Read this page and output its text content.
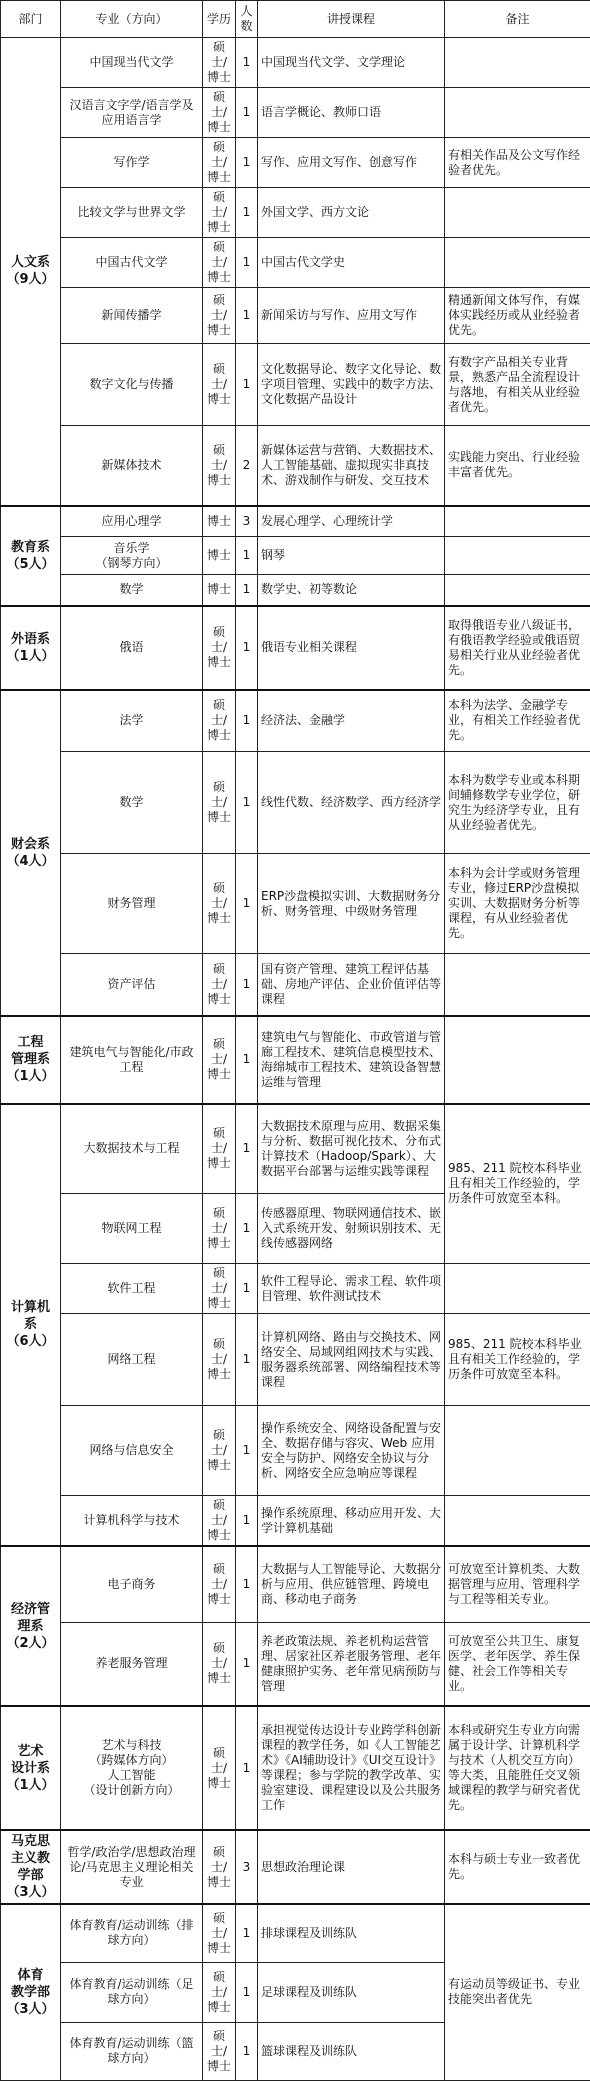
部门	专业（方向）	学历	人数	讲授课程	备注
人文系
（9人）	中国现当代文学	硕士/博士	1	中国现当代文学、文学理论	
	汉语言文字学/语言学及应用语言学	硕士/博士	1	语言学概论、教师口语	
	写作学	硕士/博士	1	写作、应用文写作、创意写作	有相关作品及公文写作经验者优先。
	比较文学与世界文学	硕士/博士	1	外国文学、西方文论	
	中国古代文学	硕士/博士	1	中国古代文学史	
	新闻传播学	硕士/博士	1	新闻采访与写作、应用文写作	精通新闻文体写作，有媒体实践经历或从业经验者优先。
	数字文化与传播	硕士/博士	1	文化数据导论、数字文化导论、数字项目管理、实践中的数字方法、文化数据产品设计	有数字产品相关专业背景，熟悉产品全流程设计与落地，有相关从业经验者优先。
	新媒体技术	硕士/博士	2	新媒体运营与营销、大数据技术、人工智能基础、虚拟现实非真技术、游戏制作与研发、交互技术	实践能力突出、行业经验丰富者优先。
教育系
（5人）	应用心理学	博士	3	发展心理学、心理统计学	
	音乐学
（钢琴方向）	博士	1	钢琴	
	数学	博士	1	数学史、初等数论	
外语系
（1人）	俄语	硕士/博士	1	俄语专业相关课程	取得俄语专业八级证书，有俄语教学经验或俄语贸易相关行业从业经验者优先。
财会系
（4人）	法学	硕士/博士	1	经济法、金融学	本科为法学、金融学专业，有相关工作经验者优先。
	数学	硕士/博士	1	线性代数、经济数学、西方经济学	本科为数学专业或本科期间辅修数学专业学位，研究生为经济学专业，且有从业经验者优先。
	财务管理	硕士/博士	1	ERP沙盘模拟实训、大数据财务分析、财务管理、中级财务管理	本科为会计学或财务管理专业，修过ERP沙盘模拟实训、大数据财务分析等课程，有从业经验者优先。
	资产评估	硕士/博士	1	国有资产管理、建筑工程评估基础、房地产评估、企业价值评估等课程	
工程
管理系
（1人）	建筑电气与智能化/市政工程	硕士/博士	1	建筑电气与智能化、市政管道与管廊工程技术、建筑信息模型技术、海绵城市工程技术、建筑设备智慧运维与管理	
计算机
系
（6人）	大数据技术与工程	硕士/博士	1	大数据技术原理与应用、数据采集与分析、数据可视化技术、分布式计算技术（Hadoop/Spark）、大数据平台部署与运维实践等课程	985、211 院校本科毕业且有相关工作经验的，学历条件可放宽至本科。
	物联网工程	硕士/博士	1	传感器原理、物联网通信技术、嵌入式系统开发、射频识别技术、无线传感器网络	
	软件工程	硕士/博士	1	软件工程导论、需求工程、软件项目管理、软件测试技术	
	网络工程	硕士/博士	1	计算机网络、路由与交换技术、网络安全、局域网组网技术与实践、服务器系统部署、网络编程技术等课程	985、211 院校本科毕业且有相关工作经验的，学历条件可放宽至本科。
	网络与信息安全	硕士/博士	1	操作系统安全、网络设备配置与安全、数据存储与容灾、Web 应用安全与防护、网络安全协议与分析、网络安全应急响应等课程	
	计算机科学与技术	硕士/博士	1	操作系统原理、移动应用开发、大学计算机基础	
经济管
理系
（2人）	电子商务	硕士/博士	1	大数据与人工智能导论、大数据分析与应用、供应链管理、跨境电商、移动电子商务	可放宽至计算机类、大数据管理与应用、管理科学与工程等相关专业。
	养老服务管理	硕士/博士	1	养老政策法规、养老机构运营管理、居家社区养老服务管理、老年健康照护实务、老年常见病预防与管理	可放宽至公共卫生、康复医学、老年医学、养生保健、社会工作等相关专业。
艺术
设计系
（1人）	艺术与科技
（跨媒体方向）
人工智能
（设计创新方向）	硕士/博士	1	承担视觉传达设计专业跨学科创新课程的教学任务，如《人工智能艺术》《AI辅助设计》《UI交互设计》等课程；参与学院的教学改革、实验室建设、课程建设以及公共服务工作	本科或研究生专业方向需属于设计学、计算机科学与技术（人机交互方向）等大类，且能胜任交叉领域课程的教学与研究者优先。
马克思
主义教
学部
（3人）	哲学/政治学/思想政治理论/马克思主义理论相关专业	硕士/博士	3	思想政治理论课	本科与硕士专业一致者优先。
体育
教学部
（3人）	体育教育/运动训练（排球方向）	硕士/博士	1	排球课程及训练队	有运动员等级证书、专业技能突出者优先
	体育教育/运动训练（足球方向）	硕士/博士	1	足球课程及训练队	
	体育教育/运动训练（篮球方向）	硕士/博士	1	篮球课程及训练队	
